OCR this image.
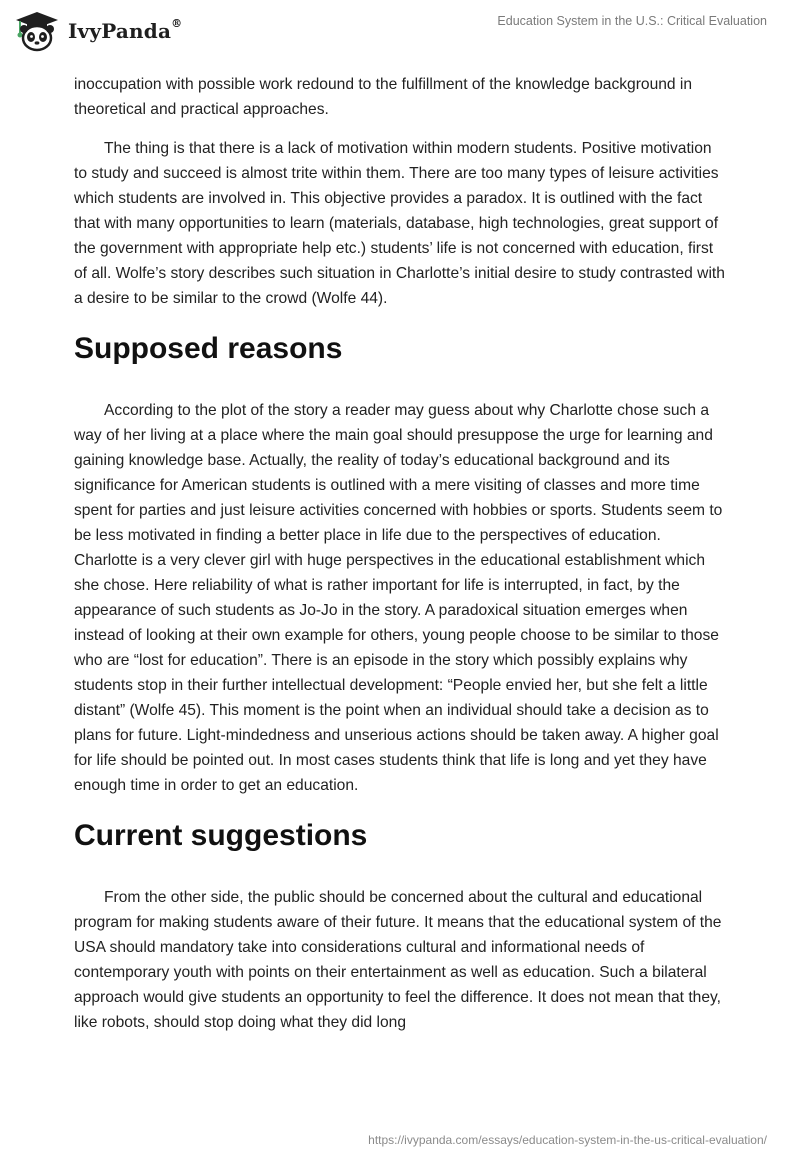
IvyPanda®	Education System in the U.S.: Critical Evaluation

inoccupation with possible work redound to the fulfillment of the knowledge background in theoretical and practical approaches.

The thing is that there is a lack of motivation within modern students. Positive motivation to study and succeed is almost trite within them. There are too many types of leisure activities which students are involved in. This objective provides a paradox. It is outlined with the fact that with many opportunities to learn (materials, database, high technologies, great support of the government with appropriate help etc.) students’ life is not concerned with education, first of all. Wolfe’s story describes such situation in Charlotte’s initial desire to study contrasted with a desire to be similar to the crowd (Wolfe 44).

Supposed reasons

According to the plot of the story a reader may guess about why Charlotte chose such a way of her living at a place where the main goal should presuppose the urge for learning and gaining knowledge base. Actually, the reality of today’s educational background and its significance for American students is outlined with a mere visiting of classes and more time spent for parties and just leisure activities concerned with hobbies or sports. Students seem to be less motivated in finding a better place in life due to the perspectives of education. Charlotte is a very clever girl with huge perspectives in the educational establishment which she chose. Here reliability of what is rather important for life is interrupted, in fact, by the appearance of such students as Jo-Jo in the story. A paradoxical situation emerges when instead of looking at their own example for others, young people choose to be similar to those who are “lost for education”. There is an episode in the story which possibly explains why students stop in their further intellectual development: “People envied her, but she felt a little distant” (Wolfe 45). This moment is the point when an individual should take a decision as to plans for future. Light-mindedness and unserious actions should be taken away. A higher goal for life should be pointed out. In most cases students think that life is long and yet they have enough time in order to get an education.

Current suggestions

From the other side, the public should be concerned about the cultural and educational program for making students aware of their future. It means that the educational system of the USA should mandatory take into considerations cultural and informational needs of contemporary youth with points on their entertainment as well as education. Such a bilateral approach would give students an opportunity to feel the difference. It does not mean that they, like robots, should stop doing what they did long

https://ivypanda.com/essays/education-system-in-the-us-critical-evaluation/
